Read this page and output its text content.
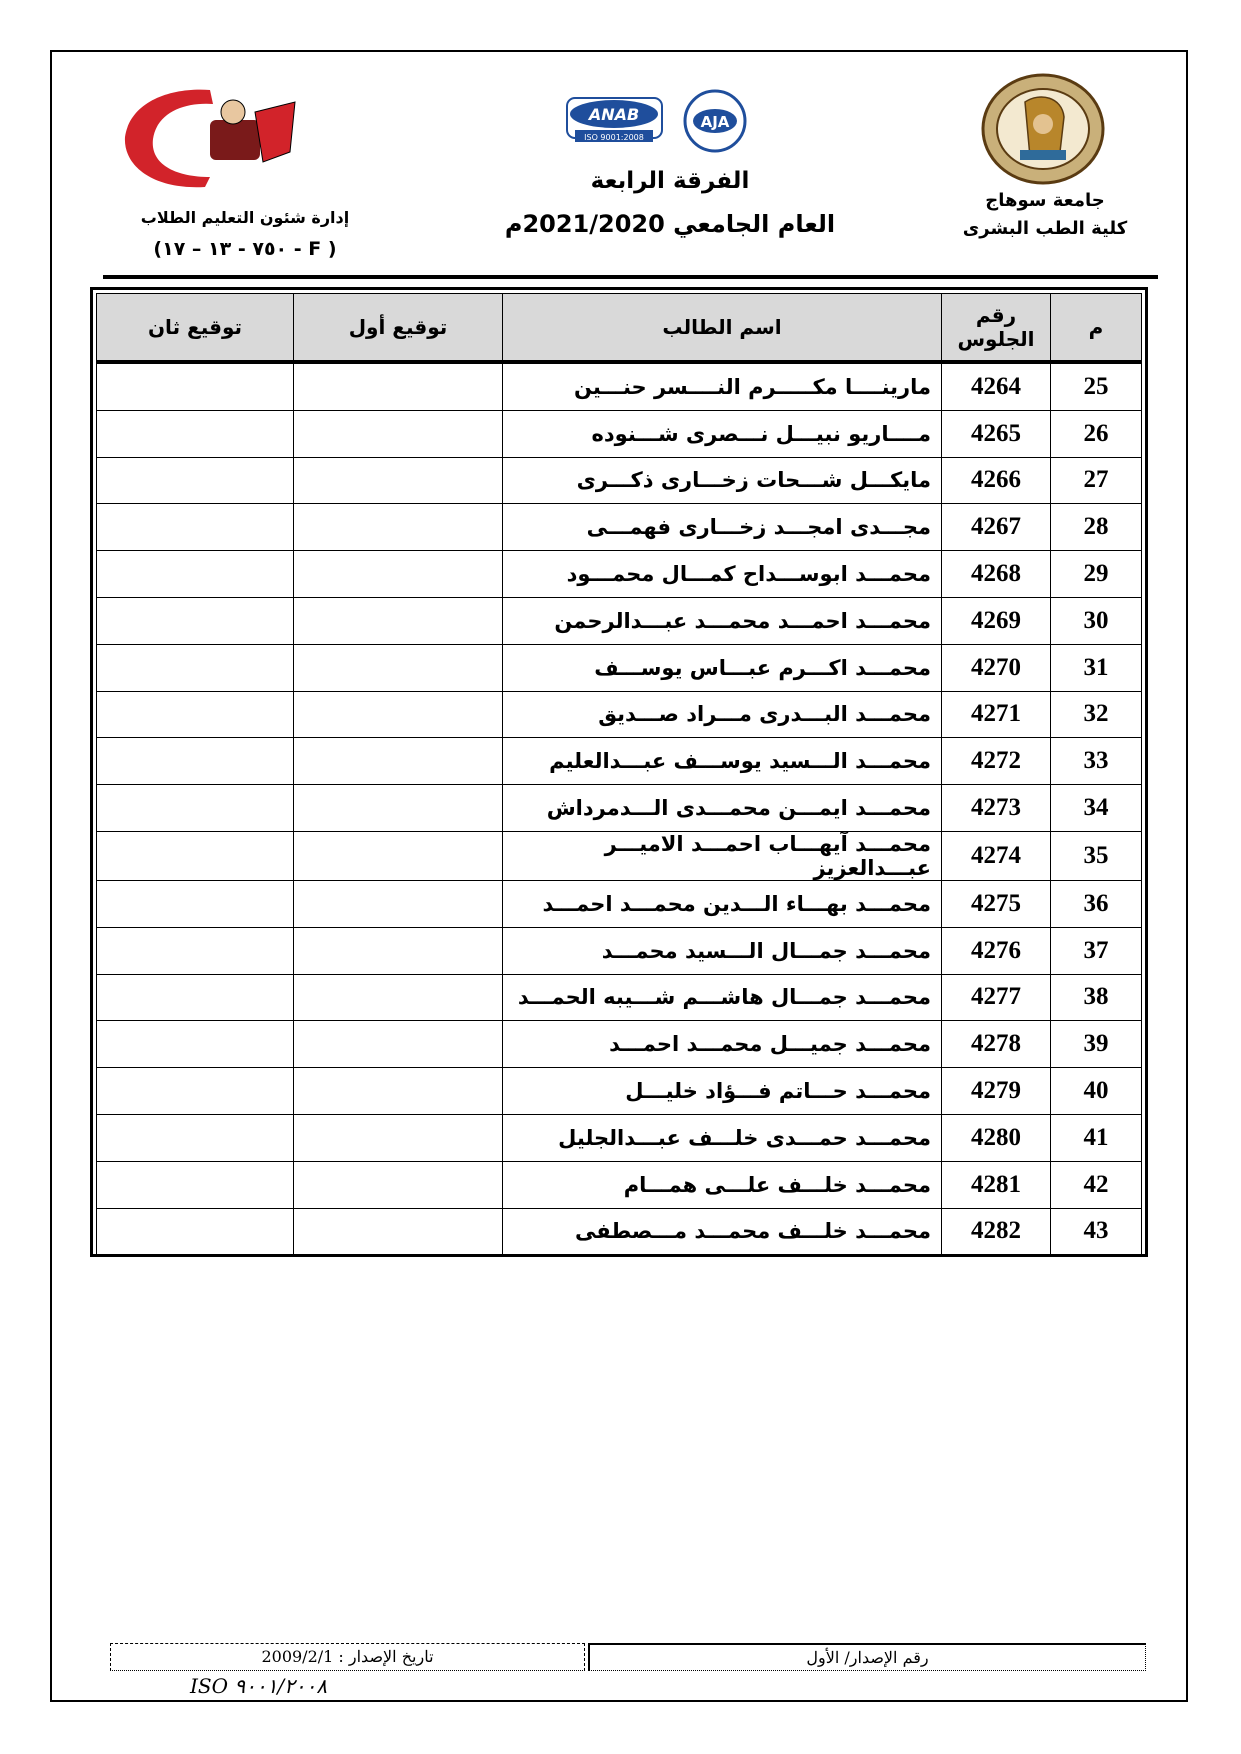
ANAB
ISO 9001:2008
AJA
إدارة شئون التعليم الطلاب
( F - ٧٥٠ - ١٣ – ١٧)
الفرقة الرابعة
العام الجامعي 2021/2020م
جامعة سوهاج
كلية الطب البشرى
م	رقم الجلوس	اسم الطالب	توقيع أول	توقيع ثان
25	4264	مارينــــا مكـــــرم النــــسر حنـــين		
26	4265	مــــاريو نبيـــل نـــصرى شـــنوده		
27	4266	مايكـــل شـــحات زخـــارى ذكـــرى		
28	4267	مجـــدى امجـــد زخـــارى فهمـــى		
29	4268	محمـــد ابوســـداح كمـــال محمـــود		
30	4269	محمـــد احمـــد محمـــد عبـــدالرحمن		
31	4270	محمـــد اكـــرم عبـــاس يوســـف		
32	4271	محمـــد البـــدرى مـــراد صـــديق		
33	4272	محمـــد الـــسيد يوســـف عبـــدالعليم		
34	4273	محمـــد ايمـــن محمـــدى الـــدمرداش		
35	4274	محمـــد آيهـــاب احمـــد الاميـــر عبـــدالعزيز		
36	4275	محمـــد بهـــاء الـــدين محمـــد احمـــد		
37	4276	محمـــد جمـــال الـــسيد محمـــد		
38	4277	محمـــد جمـــال هاشـــم شـــيبه الحمـــد		
39	4278	محمـــد جميـــل محمـــد احمـــد		
40	4279	محمـــد حـــاتم فـــؤاد خليـــل		
41	4280	محمـــد حمـــدى خلـــف عبـــدالجليل		
42	4281	محمـــد خلـــف علـــى همـــام		
43	4282	محمـــد خلـــف محمـــد مـــصطفى		
تاريخ الإصدار : 2009/2/1	رقم الإصدار/ الأول
ISO ٩٠٠١/٢٠٠٨
